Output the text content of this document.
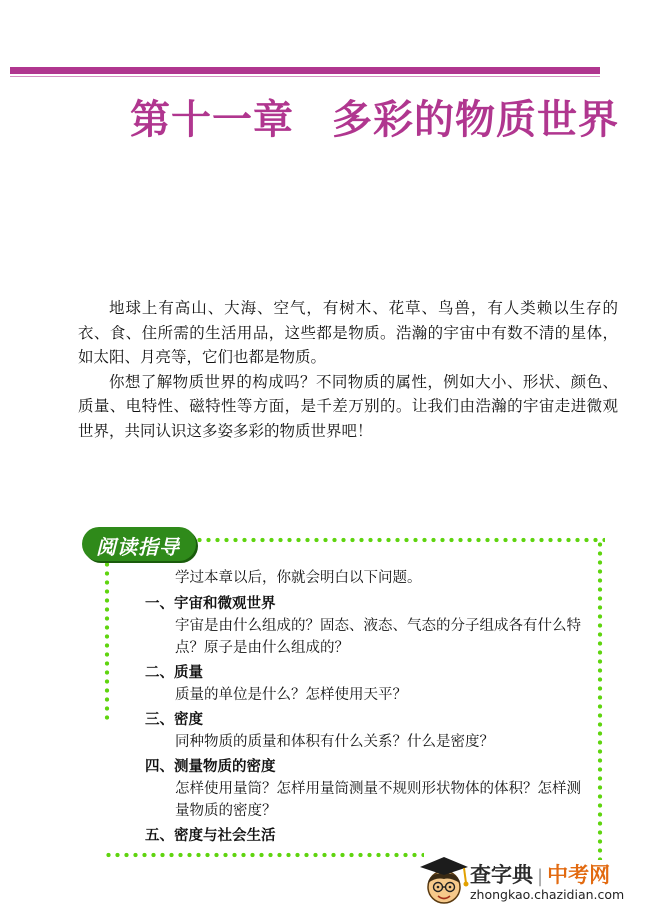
第十一章 多彩的物质世界

地球上有高山、大海、空气，有树木、花草、鸟兽，有人类赖以生存的衣、食、住所需的生活用品，这些都是物质。浩瀚的宇宙中有数不清的星体，如太阳、月亮等，它们也都是物质。

你想了解物质世界的构成吗？不同物质的属性，例如大小、形状、颜色、质量、电特性、磁特性等方面，是千差万别的。让我们由浩瀚的宇宙走进微观世界，共同认识这多姿多彩的物质世界吧！

阅读指导

学过本章以后，你就会明白以下问题。

一、宇宙和微观世界

宇宙是由什么组成的？固态、液态、气态的分子组成各有什么特点？原子是由什么组成的？

二、质量

质量的单位是什么？怎样使用天平？

三、密度

同种物质的质量和体积有什么关系？什么是密度？

四、测量物质的密度

怎样使用量筒？怎样用量筒测量不规则形状物体的体积？怎样测量物质的密度？

五、密度与社会生活

查字典 | 中考网
zhongkao.chazidian.com
